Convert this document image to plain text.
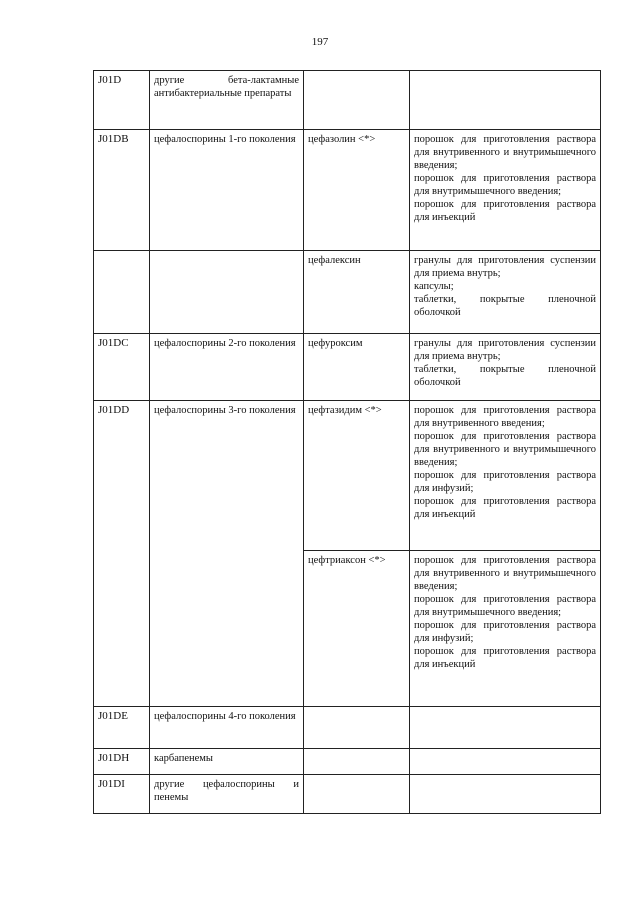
197
J01D	другие бета-лактамные антибактериальные препараты		
J01DB	цефалоспорины 1-го поколения	цефазолин <*>	порошок для приготовления раствора для внутривенного и внутримышечного введения;
порошок для приготовления раствора для внутримышечного введения;
порошок для приготовления раствора для инъекций

		цефалексин	гранулы для приготовления суспензии для приема внутрь;
капсулы;
таблетки, покрытые пленочной оболочкой

J01DC	цефалоспорины 2-го поколения	цефуроксим	гранулы для приготовления суспензии для приема внутрь;
таблетки, покрытые пленочной оболочкой

J01DD	цефалоспорины 3-го поколения	цефтазидим <*>	порошок для приготовления раствора для внутривенного введения;
порошок для приготовления раствора для внутривенного и внутримышечного введения;
порошок для приготовления раствора для инфузий;
порошок для приготовления раствора для инъекций

		цефтриаксон <*>	порошок для приготовления раствора для внутривенного и внутримышечного введения;
порошок для приготовления раствора для внутримышечного введения;
порошок для приготовления раствора для инфузий;
порошок для приготовления раствора для инъекций

J01DE	цефалоспорины 4-го поколения		
J01DH	карбапенемы		
J01DI	другие цефалоспорины и пенемы		
